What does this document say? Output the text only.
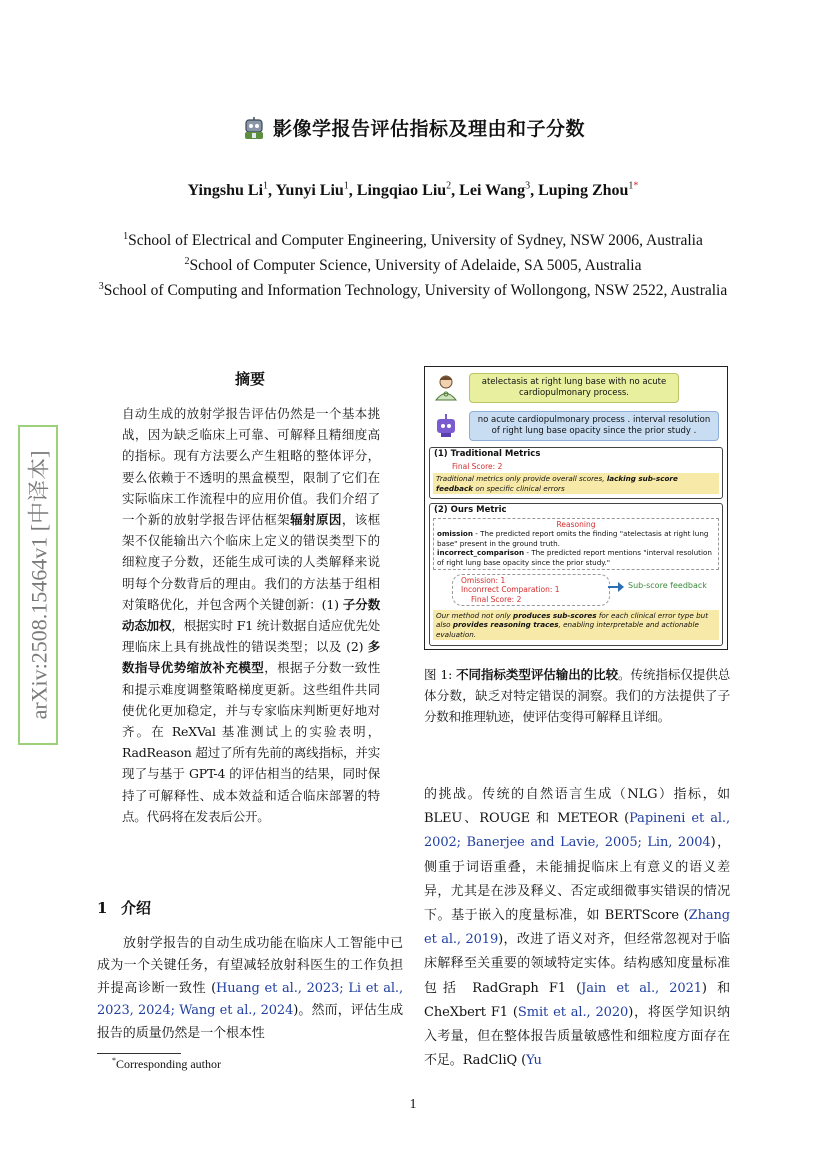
影像学报告评估指标及理由和子分数
Yingshu Li$^1$, Yunyi Liu$^1$, Lingqiao Liu$^2$, Lei Wang$^3$, Luping Zhou$^{1*}$
$^1$School of Electrical and Computer Engineering, University of Sydney, NSW 2006, Australia
$^2$School of Computer Science, University of Adelaide, SA 5005, Australia
$^3$School of Computing and Information Technology, University of Wollongong, NSW 2522, Australia
arXiv:2508.15464v1 [中译本]
摘要
自动生成的放射学报告评估仍然是一个基本挑战，因为缺乏临床上可靠、可解释且精细度高的指标。现有方法要么产生粗略的整体评分，要么依赖于不透明的黑盒模型，限制了它们在实际临床工作流程中的应用价值。我们介绍了一个新的放射学报告评估框架辐射原因，该框架不仅能输出六个临床上定义的错误类型下的细粒度子分数，还能生成可读的人类解释来说明每个分数背后的理由。我们的方法基于组相对策略优化，并包含两个关键创新：(1) 子分数动态加权，根据实时 F1 统计数据自适应优先处理临床上具有挑战性的错误类型；以及 (2) 多数指导优势缩放补充模型，根据子分数一致性和提示难度调整策略梯度更新。这些组件共同使优化更加稳定，并与专家临床判断更好地对齐。在 ReXVal 基准测试上的实验表明，RadReason 超过了所有先前的离线指标，并实现了与基于 GPT-4 的评估相当的结果，同时保持了可解释性、成本效益和适合临床部署的特点。代码将在发表后公开。
1 介绍
放射学报告的自动生成功能在临床人工智能中已成为一个关键任务，有望减轻放射科医生的工作负担并提高诊断一致性 (Huang et al., 2023; Li et al., 2023, 2024; Wang et al., 2024)。然而，评估生成报告的质量仍然是一个根本性
*Corresponding author
atelectasis at right lung base with no acute cardiopulmonary process.
no acute cardiopulmonary process . interval resolution of right lung base opacity since the prior study .
(1) Traditional Metrics
Final Score: 2
Traditional metrics only provide overall scores, lacking sub-score feedback on specific clinical errors
(2) Ours Metric
Reasoning
omission - The predicted report omits the finding "atelectasis at right lung base" present in the ground truth.
incorrect_comparison - The predicted report mentions "interval resolution of right lung base opacity since the prior study."
Omission: 1
Inconrrect Comparation: 1
Final Score: 2
Sub-score feedback
Our method not only produces sub-scores for each clinical error type but also provides reasoning traces, enabling interpretable and actionable evaluation.
图 1: 不同指标类型评估输出的比较。传统指标仅提供总体分数，缺乏对特定错误的洞察。我们的方法提供了子分数和推理轨迹，使评估变得可解释且详细。
的挑战。传统的自然语言生成（NLG）指标，如 BLEU、ROUGE 和 METEOR (Papineni et al., 2002; Banerjee and Lavie, 2005; Lin, 2004)，侧重于词语重叠，未能捕捉临床上有意义的语义差异，尤其是在涉及释义、否定或细微事实错误的情况下。基于嵌入的度量标准，如 BERTScore (Zhang et al., 2019)，改进了语义对齐，但经常忽视对于临床解释至关重要的领域特定实体。结构感知度量标准包括 RadGraph F1 (Jain et al., 2021) 和 CheXbert F1 (Smit et al., 2020)，将医学知识纳入考量，但在整体报告质量敏感性和细粒度方面存在不足。RadCliQ (Yu
1
